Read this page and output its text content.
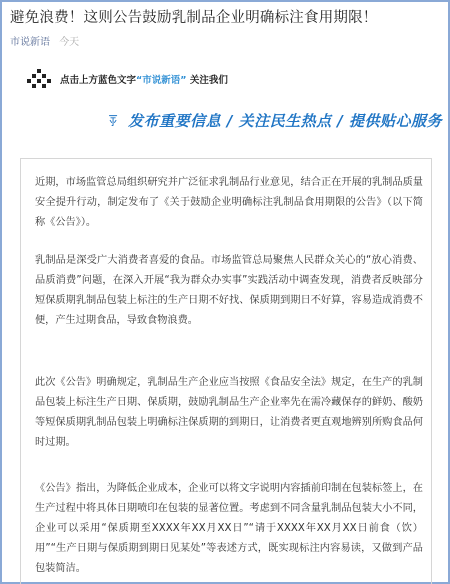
避免浪费！这则公告鼓励乳制品企业明确标注食用期限！
市说新语 今天
点击上方蓝色文字“市说新语” 关注我们
发布重要信息 / 关注民生热点 / 提供贴心服务

近期，市场监管总局组织研究并广泛征求乳制品行业意见，结合正在开展的乳制品质量安全提升行动，制定发布了《关于鼓励企业明确标注乳制品食用期限的公告》（以下简称《公告》）。

乳制品是深受广大消费者喜爱的食品。市场监管总局聚焦人民群众关心的“放心消费、品质消费”问题，在深入开展“我为群众办实事”实践活动中调查发现，消费者反映部分短保质期乳制品包装上标注的生产日期不好找、保质期到期日不好算，容易造成消费不便，产生过期食品，导致食物浪费。

此次《公告》明确规定，乳制品生产企业应当按照《食品安全法》规定，在生产的乳制品包装上标注生产日期、保质期，鼓励乳制品生产企业率先在需冷藏保存的鲜奶、酸奶等短保质期乳制品包装上明确标注保质期的到期日，让消费者更直观地辨别所购食品何时过期。

《公告》指出，为降低企业成本，企业可以将文字说明内容插前印制在包装标签上，在生产过程中将具体日期喷印在包装的显著位置。考虑到不同含量乳制品包装大小不同，企业可以采用“保质期至XXXX年XX月XX日”“请于XXXX年XX月XX日前食（饮）用”“生产日期与保质期到期日见某处”等表述方式，既实现标注内容易读，又做到产品包装简洁。
